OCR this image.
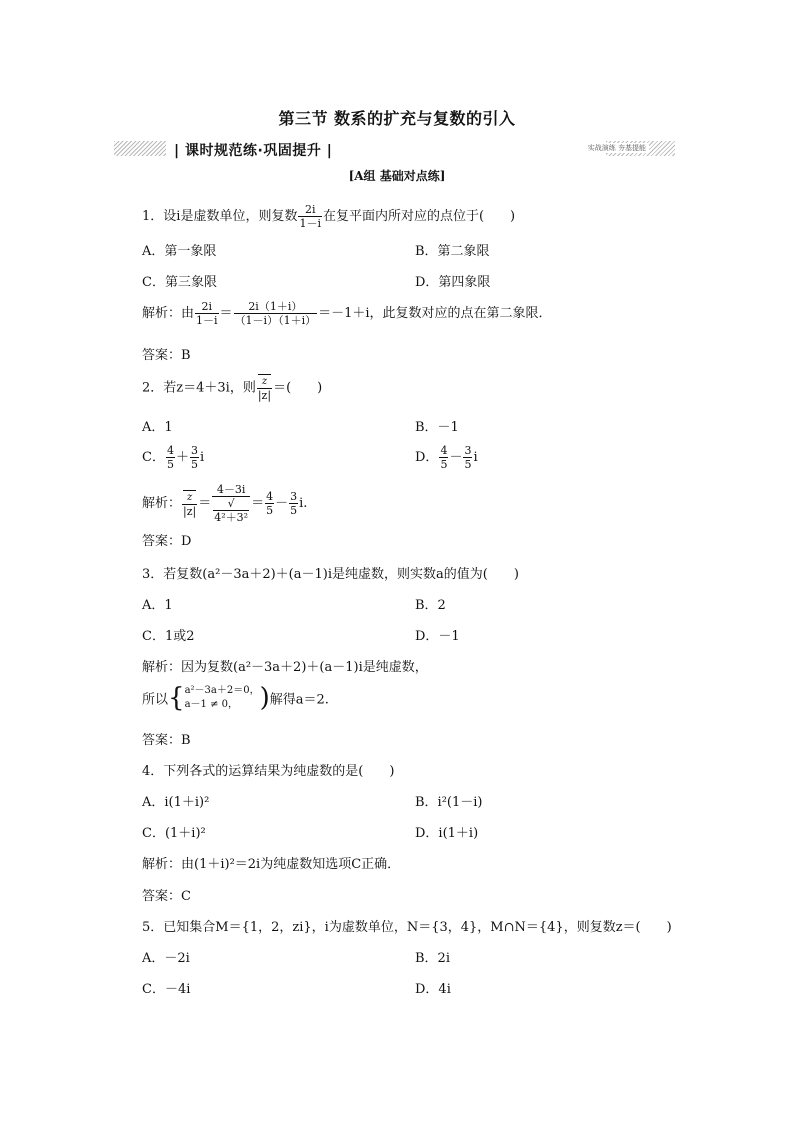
第三节 数系的扩充与复数的引入
| 课时规范练·巩固提升 |	实战演练 夯基提能
[A组 基础对点练]
1．设i是虚数单位，则复数 $\frac{2i}{1-i}$ 在复平面内所对应的点位于(　　)
A．第一象限	B．第二象限
C．第三象限	D．第四象限
解析：由 $\frac{2i}{1-i} = \frac{2i(1+i)}{(1-i)(1+i)} =-1+i$，此复数对应的点在第二象限．
答案：B
2．若z＝4＋3i，则 $\frac{z}{|z|}$ ＝(　　)
A．1	B．－1
C． $\frac{4}{5} + \frac{3}{5}$ i	D． $\frac{4}{5} - \frac{3}{5}$ i
解析： $\frac{z}{|z|} = 4-3i$
√
$4^2+3^2 = \frac{4}{5} - \frac{3}{5} i$.
答案：D
3．若复数(a²－3a＋2)＋(a－1)i是纯虚数，则实数a的值为(　　)
A．1	B．2
C．1或2	D．－1
解析：因为复数(a²－3a＋2)＋(a－1)i是纯虚数，
所以{ a²－3a＋2＝0，
a－1 ≠ 0， )解得a＝2.
答案：B
4．下列各式的运算结果为纯虚数的是(　　)
A．i(1＋i)²	B．i²(1－i)
C．(1＋i)²	D．i(1＋i)
解析：由(1＋i)²＝2i为纯虚数知选项C正确．
答案：C
5．已知集合M＝{1，2，zi}，i为虚数单位，N＝{3，4}，M∩N＝{4}，则复数z＝(　　)
A．－2i	B．2i
C．－4i	D．4i
